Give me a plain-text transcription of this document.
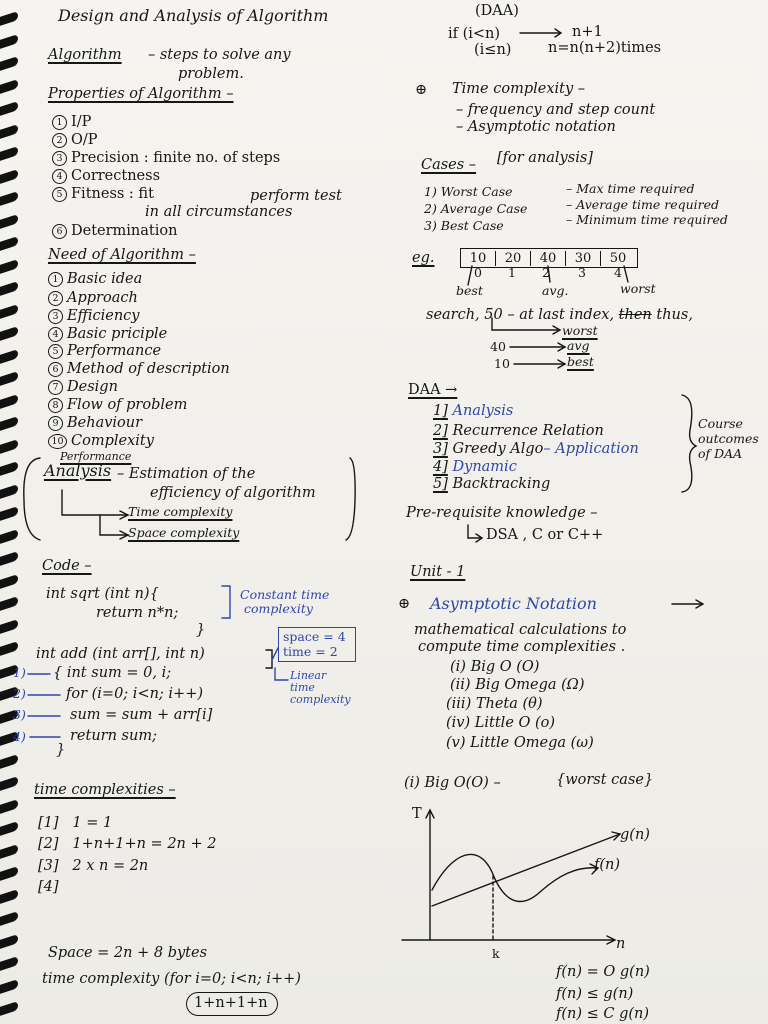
Design and Analysis of Algorithm	(DAA)
Algorithm – steps to solve any
problem.
Properties of Algorithm –
1 I/P
2 O/P
3 Precision : finite no. of steps
4 Correctness
5 Fitness : fit	perform test
in all circumstances
6 Determination
Need of Algorithm –
1 Basic idea
2 Approach
3 Efficiency
4 Basic priciple
5 Performance
6 Method of description
7 Design
8 Flow of problem
9 Behaviour
10 Complexity
Performance
Analysis – Estimation of the
efficiency of algorithm
Time complexity
Space complexity
Code –
int sqrt (int n){
return n*n;
}
Constant time
complexity
int add (int arr[], int n)
{ int sum = 0, i;
for (i=0; i<n; i++)
sum = sum + arr[i]
return sum;
}
1)
2)
3)
4)
space = 4
time = 2
Linear
time
complexity
time complexities –
[1] 1 = 1
[2] 1+n+1+n = 2n + 2
[3] 2 x n = 2n
[4]
Space = 2n + 8 bytes
time complexity (for i=0; i<n; i++)
1+n+1+n
if (i<n)
(i≤n)
n+1
n=n(n+2)times
⊕ Time complexity –
– frequency and step count
– Asymptotic notation
Cases – [for analysis]
1) Worst Case
2) Average Case
3) Best Case
– Max time required
– Average time required
– Minimum time required
eg.	10	20	40	30	50
0 1 2 3 4
best	avg.	worst
search, 50 – at last index, then thus,
worst
40	avg
10	best
DAA →
1] Analysis
2] Recurrence Relation
3] Greedy Algo– Application
4] Dynamic
5] Backtracking
Course
outcomes
of DAA
Pre-requisite knowledge –
DSA , C or C++
Unit - 1
⊕ Asymptotic Notation
mathematical calculations to
compute time complexities .
(i) Big O (O)
(ii) Big Omega (Ω)
(iii) Theta (θ)
(iv) Little O (o)
(v) Little Omega (ω)
(i) Big O(O) –	{worst case}
T
n
g(n)
f(n)
k
f(n) = O g(n)
f(n) ≤ g(n)
f(n) ≤ C g(n)
